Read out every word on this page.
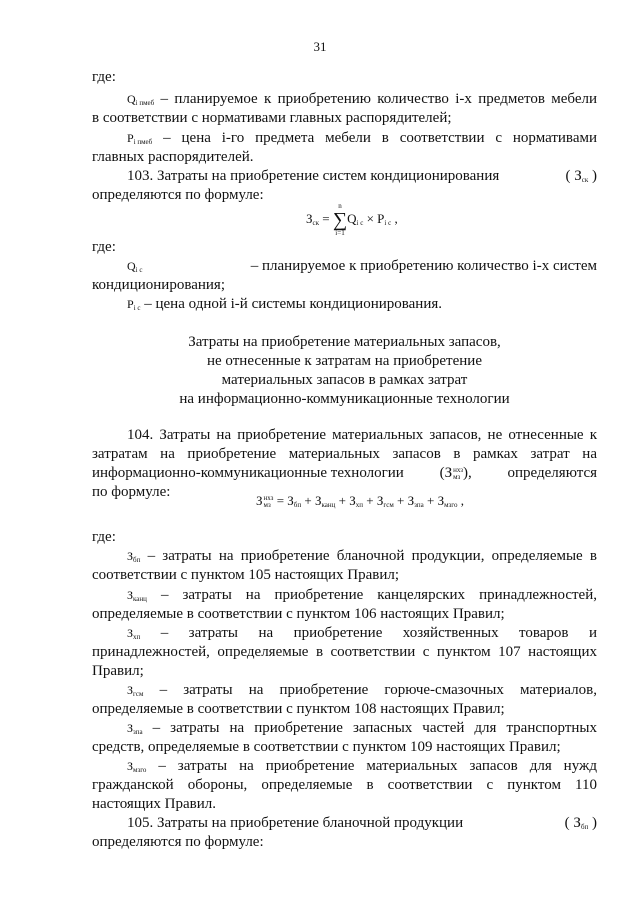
31
где:
$Q_{i пмеб}$ – планируемое к приобретению количество i-х предметов мебели
в соответствии с нормативами главных распорядителей;
$P_{i пмеб}$ – цена i-го предмета мебели в соответствии с нормативами
главных распорядителей.
103. Затраты на приобретение систем кондиционирования	( $З_{ск}$ )
определяются по формуле:
$З_{ск}$ =
n
∑
i=1
$Q_{i с} \times P_{i с}$ ,
где:
$Q_{i с}$	– планируемое к приобретению количество i-х систем
кондиционирования;
$P_{i с}$ – цена одной i-й системы кондиционирования.
Затраты на приобретение материальных запасов,
не отнесенные к затратам на приобретение
материальных запасов в рамках затрат
на информационно-коммуникационные технологии
104. Затраты на приобретение материальных запасов, не отнесенные к
затратам на приобретение материальных запасов в рамках затрат на
информационно-коммуникационные технологии (З нхз
мз ), определяются
по формуле:
З нхз
мз = $З_{бп} + З_{канц} + З_{хп} + З_{гсм} + З_{зпа} + З_{мзго}$ ,
где:
$З_{бп}$ – затраты на приобретение бланочной продукции, определяемые в
соответствии с пунктом 105 настоящих Правил;
$З_{канц}$ – затраты на приобретение канцелярских принадлежностей,
определяемые в соответствии с пунктом 106 настоящих Правил;
$З_{хп}$ – затраты на приобретение хозяйственных товаров и
принадлежностей, определяемые в соответствии с пунктом 107 настоящих
Правил;
$З_{гсм}$ – затраты на приобретение горюче-смазочных материалов,
определяемые в соответствии с пунктом 108 настоящих Правил;
$З_{зпа}$ – затраты на приобретение запасных частей для транспортных
средств, определяемые в соответствии с пунктом 109 настоящих Правил;
$З_{мзго}$ – затраты на приобретение материальных запасов для нужд
гражданской обороны, определяемые в соответствии с пунктом 110
настоящих Правил.
105. Затраты на приобретение бланочной продукции	( $З_{бп}$ )
определяются по формуле:
